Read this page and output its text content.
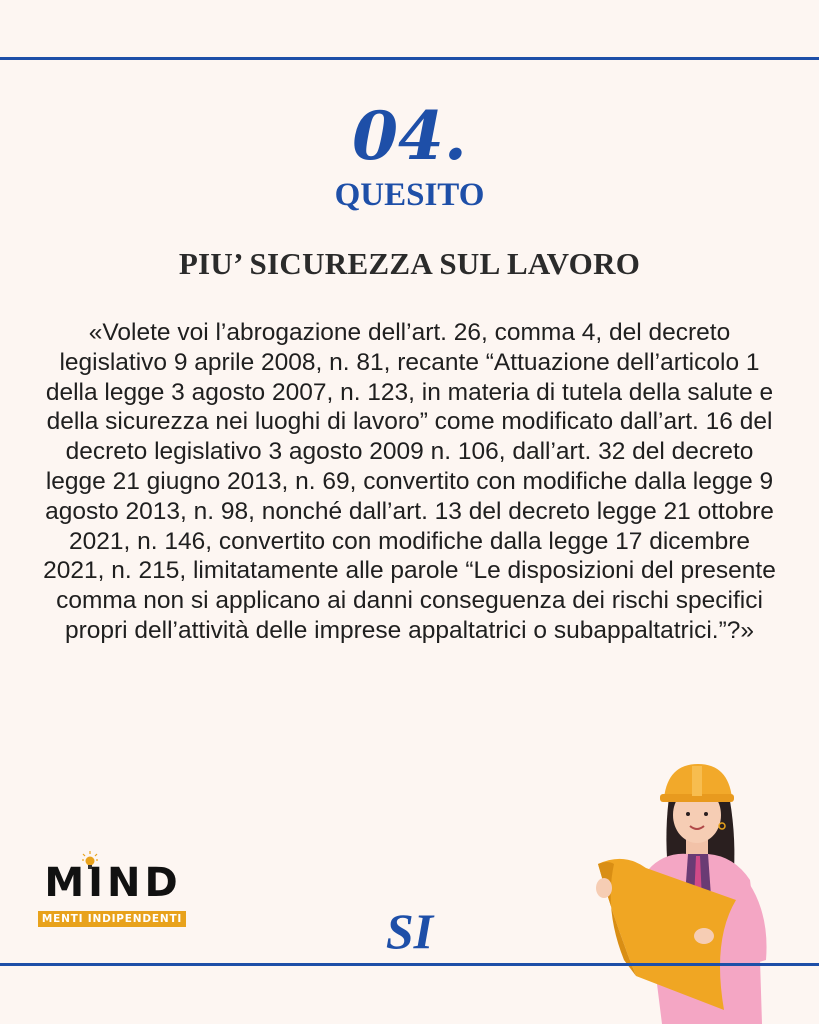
04.
QUESITO
PIU’ SICUREZZA SUL LAVORO
«Volete voi l’abrogazione dell’art. 26, comma 4, del decreto legislativo 9 aprile 2008, n. 81, recante “Attuazione dell’articolo 1 della legge 3 agosto 2007, n. 123, in materia di tutela della salute e della sicurezza nei luoghi di lavoro” come modificato dall’art. 16 del decreto legislativo 3 agosto 2009 n. 106, dall’art. 32 del decreto legge 21 giugno 2013, n. 69, convertito con modifiche dalla legge 9 agosto 2013, n. 98, nonché dall’art. 13 del decreto legge 21 ottobre 2021, n. 146, convertito con modifiche dalla legge 17 dicembre 2021, n. 215, limitatamente alle parole “Le disposizioni del presente comma non si applicano ai danni conseguenza dei rischi specifici propri dell’attività delle imprese appaltatrici o subappaltatrici.”?»
MIND
MENTI INDIPENDENTI	SI
